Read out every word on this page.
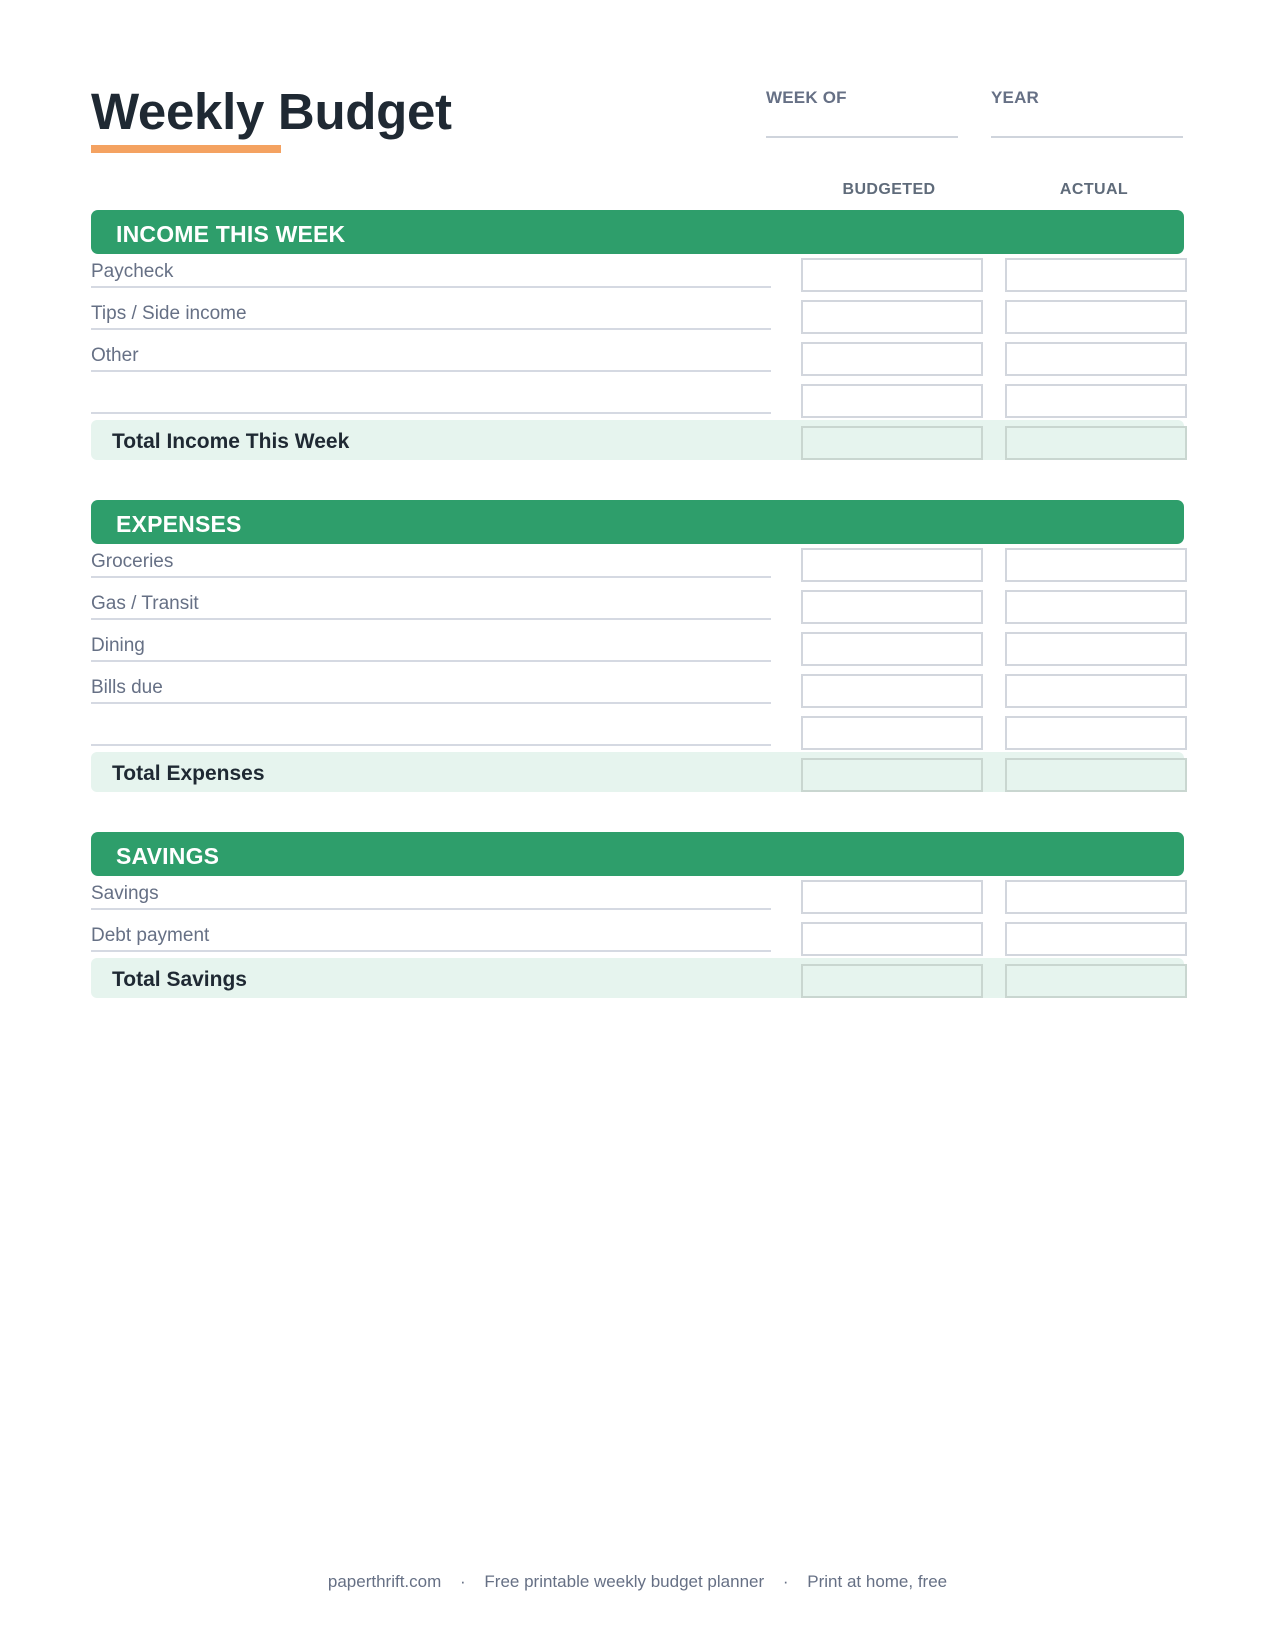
Weekly Budget	WEEK OF	YEAR
BUDGETED	ACTUAL
INCOME THIS WEEK
Paycheck
Tips / Side income
Other
Total Income This Week
EXPENSES
Groceries
Gas / Transit
Dining
Bills due
Total Expenses
SAVINGS
Savings
Debt payment
Total Savings
paperthrift.com · Free printable weekly budget planner · Print at home, free
